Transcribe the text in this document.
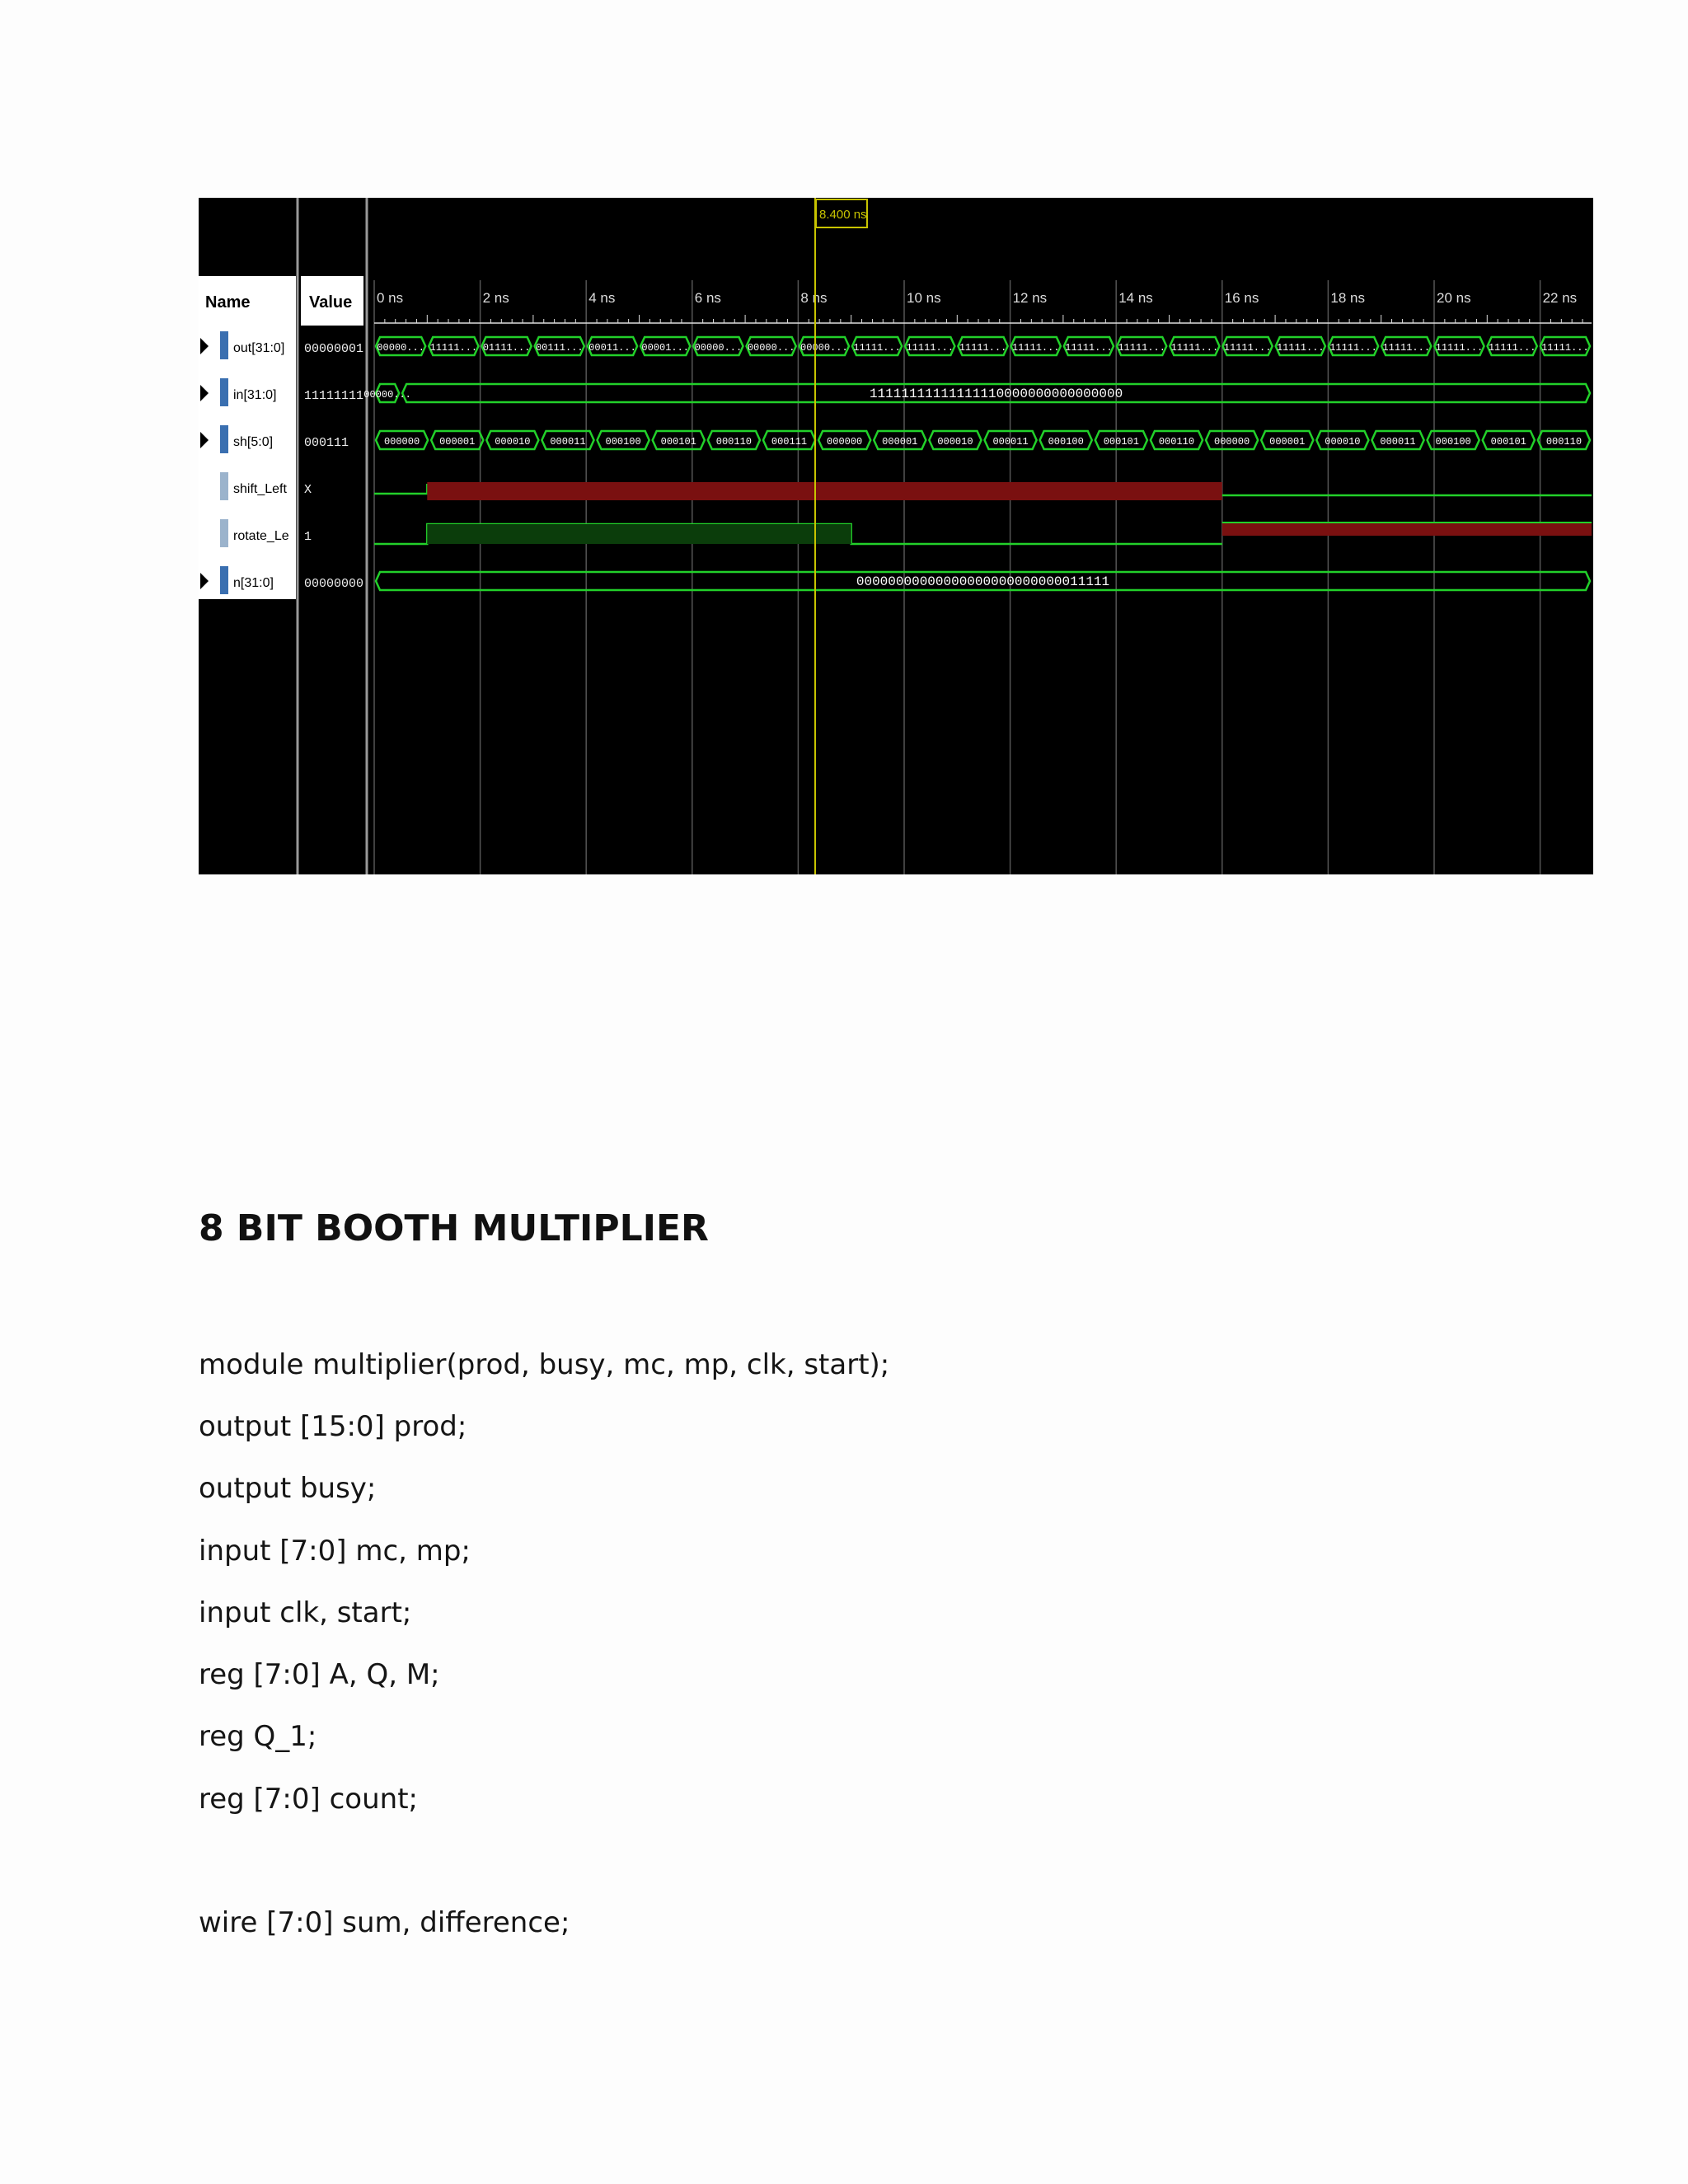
Name	Value 0 ns	2 ns	4 ns	6 ns	8 ns	10 ns	12 ns	14 ns	16 ns	18 ns	20 ns	22 ns
out[31:0] 00000001 00000... 11111... 01111... 00111... 00011... 00001... 00000... 00000... 00000... 11111... 11111... 11111... 11111... 11111... 11111... 11111... 11111... 11111... 11111... 11111... 11111... 11111... 11111...
in[31:0] 11111111 00000...	11111111111111110000000000000000
sh[5:0]	000111	000000 000001 000010 000011 000100 000101 000110 000111 000000 000001 000010 000011 000100 000101 000110 000000 000001 000010 000011 000100 000101 000110
shift_Left X
rotate_Le 1
n[31:0] 00000000	00000000000000000000000000011111
8.400 ns
8 BIT BOOTH MULTIPLIER

module multiplier(prod, busy, mc, mp, clk, start);

output [15:0] prod;

output busy;

input [7:0] mc, mp;

input clk, start;

reg [7:0] A, Q, M;

reg Q_1;

reg [7:0] count;

wire [7:0] sum, difference;
